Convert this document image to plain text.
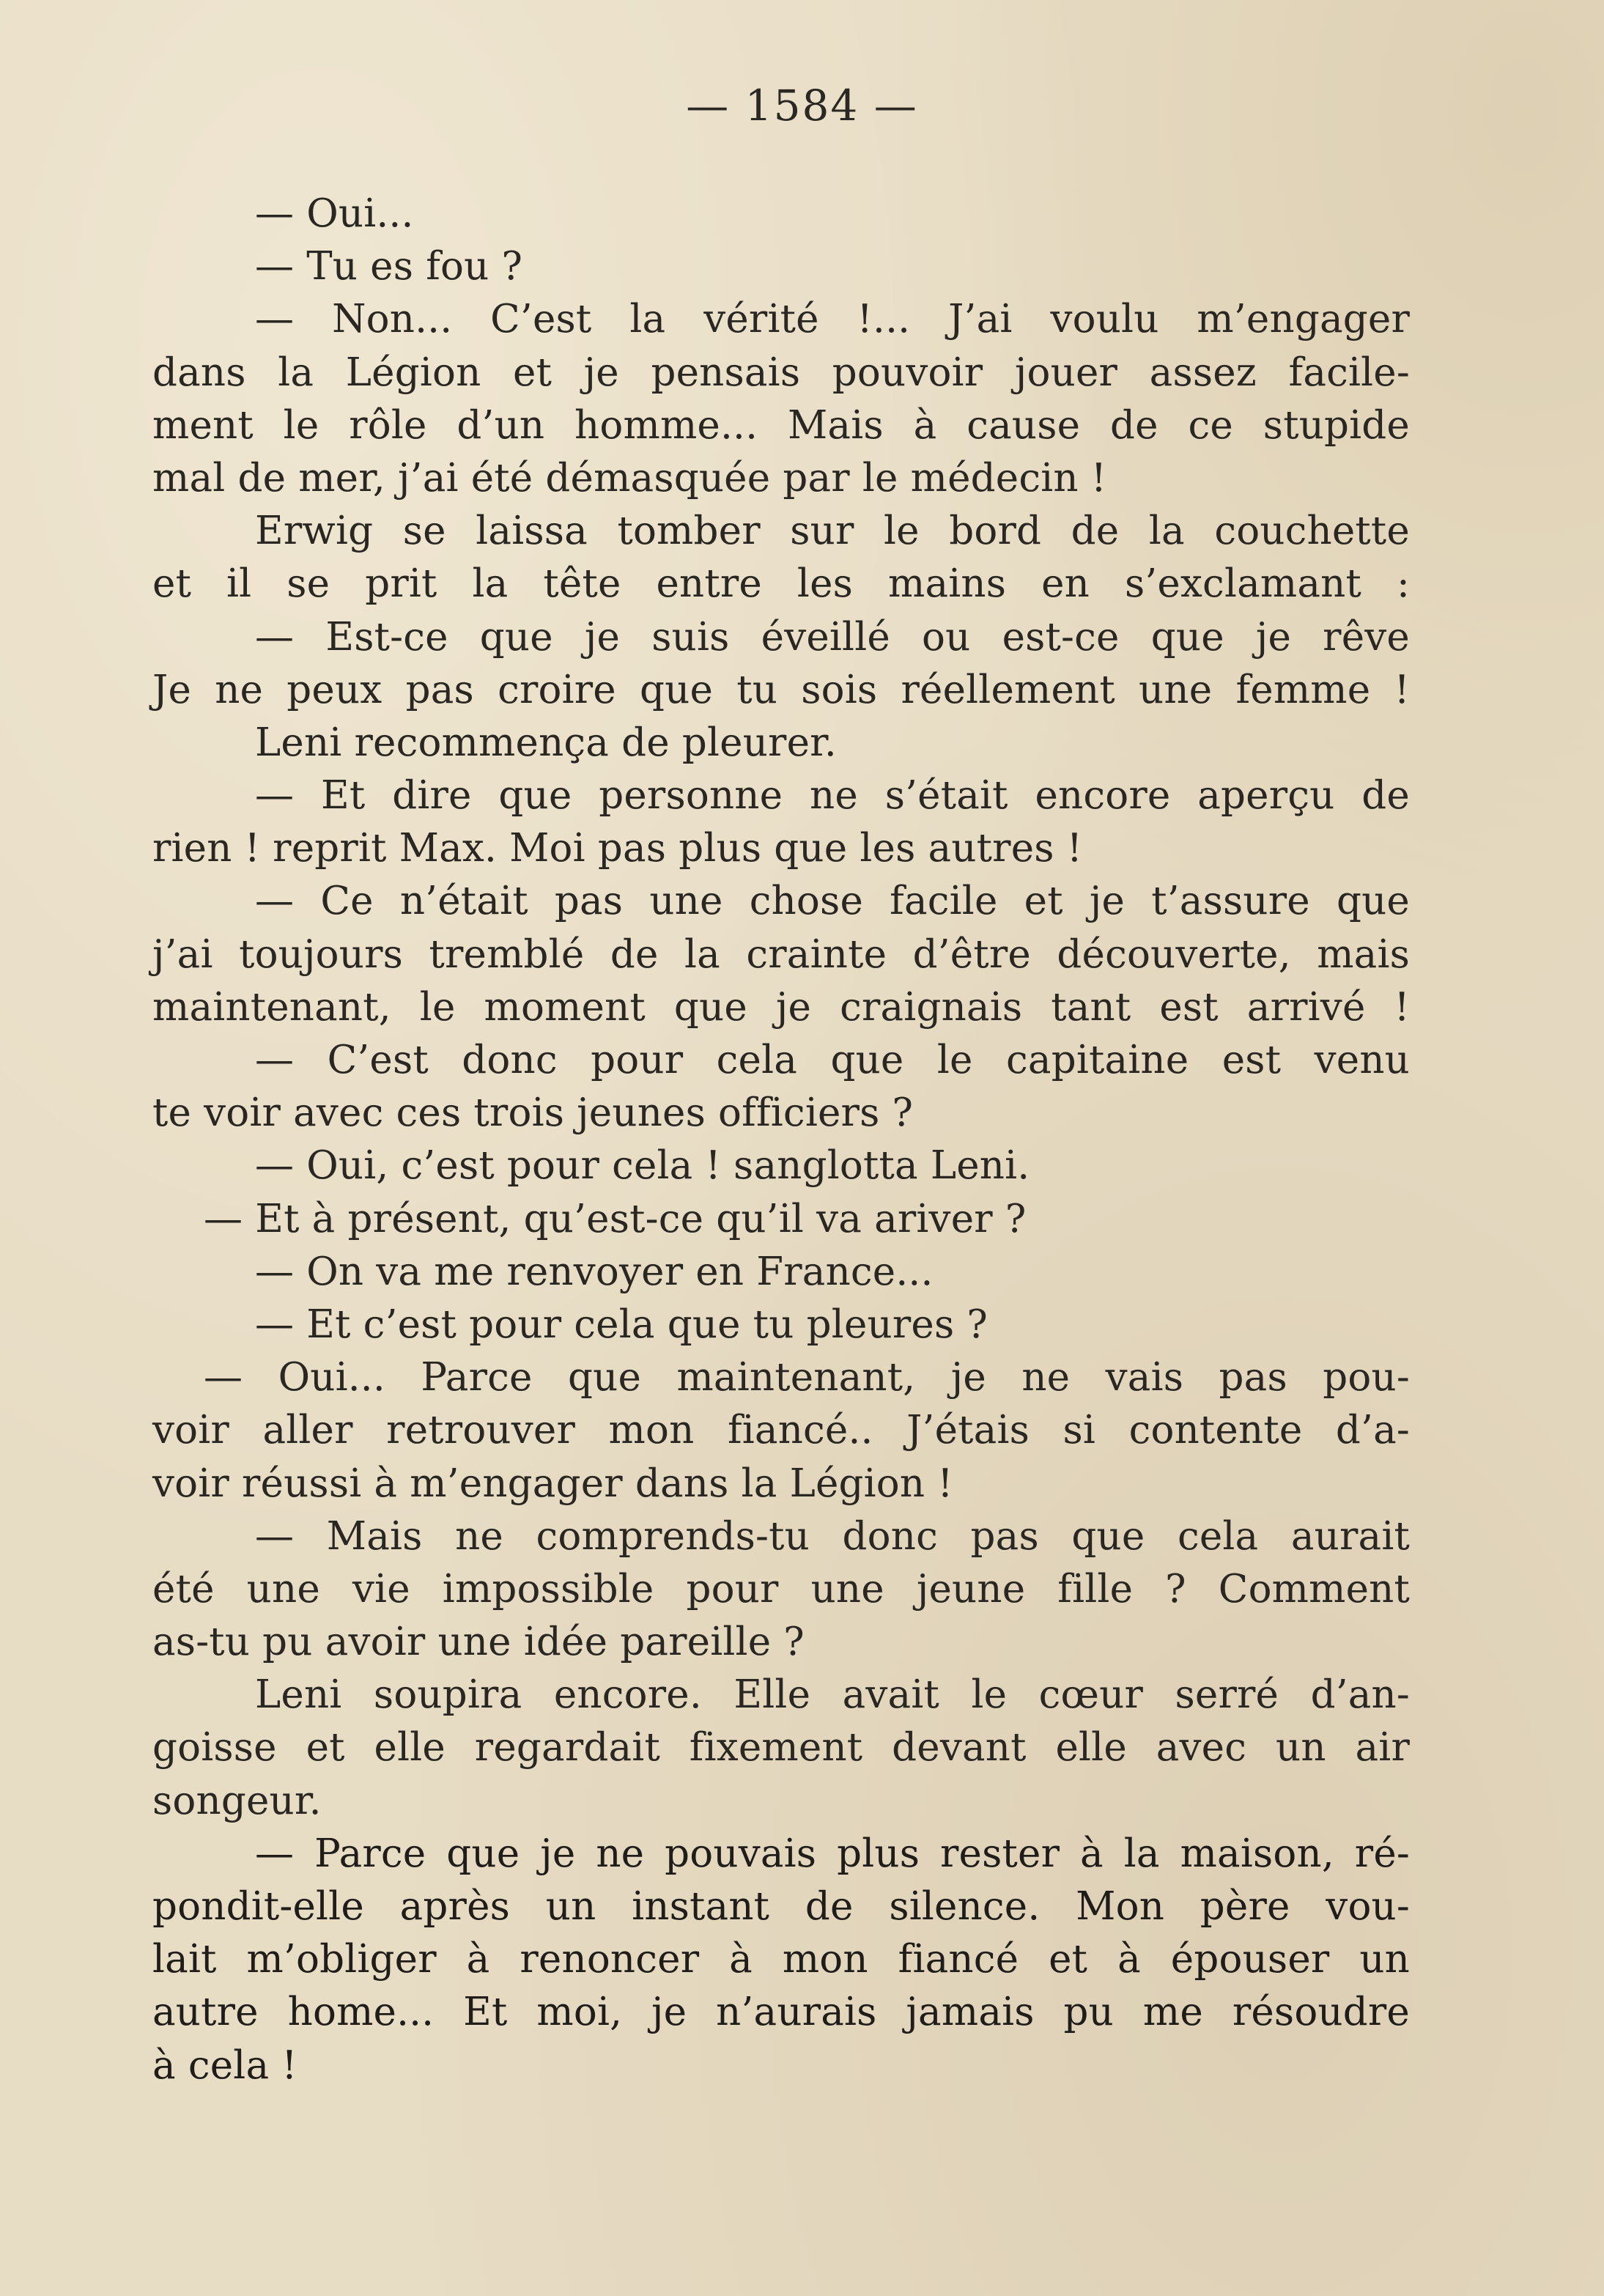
— 1584 —
— Oui...
— Tu es fou ?
— Non... C’est la vérité !... J’ai voulu m’engager
dans la Légion et je pensais pouvoir jouer assez facile-
ment le rôle d’un homme... Mais à cause de ce stupide
mal de mer, j’ai été démasquée par le médecin !
Erwig se laissa tomber sur le bord de la couchette
et il se prit la tête entre les mains en s’exclamant :
— Est-ce que je suis éveillé ou est-ce que je rêve
Je ne peux pas croire que tu sois réellement une femme !
Leni recommença de pleurer.
— Et dire que personne ne s’était encore aperçu de
rien ! reprit Max. Moi pas plus que les autres !
— Ce n’était pas une chose facile et je t’assure que
j’ai toujours tremblé de la crainte d’être découverte, mais
maintenant, le moment que je craignais tant est arrivé !
— C’est donc pour cela que le capitaine est venu
te voir avec ces trois jeunes officiers ?
— Oui, c’est pour cela ! sanglotta Leni.
— Et à présent, qu’est-ce qu’il va ariver ?
— On va me renvoyer en France...
— Et c’est pour cela que tu pleures ?
— Oui... Parce que maintenant, je ne vais pas pou-
voir aller retrouver mon fiancé.. J’étais si contente d’a-
voir réussi à m’engager dans la Légion !
— Mais ne comprends-tu donc pas que cela aurait
été une vie impossible pour une jeune fille ? Comment
as-tu pu avoir une idée pareille ?
Leni soupira encore. Elle avait le cœur serré d’an-
goisse et elle regardait fixement devant elle avec un air
songeur.
— Parce que je ne pouvais plus rester à la maison, ré-
pondit-elle après un instant de silence. Mon père vou-
lait m’obliger à renoncer à mon fiancé et à épouser un
autre home... Et moi, je n’aurais jamais pu me résoudre
à cela !
